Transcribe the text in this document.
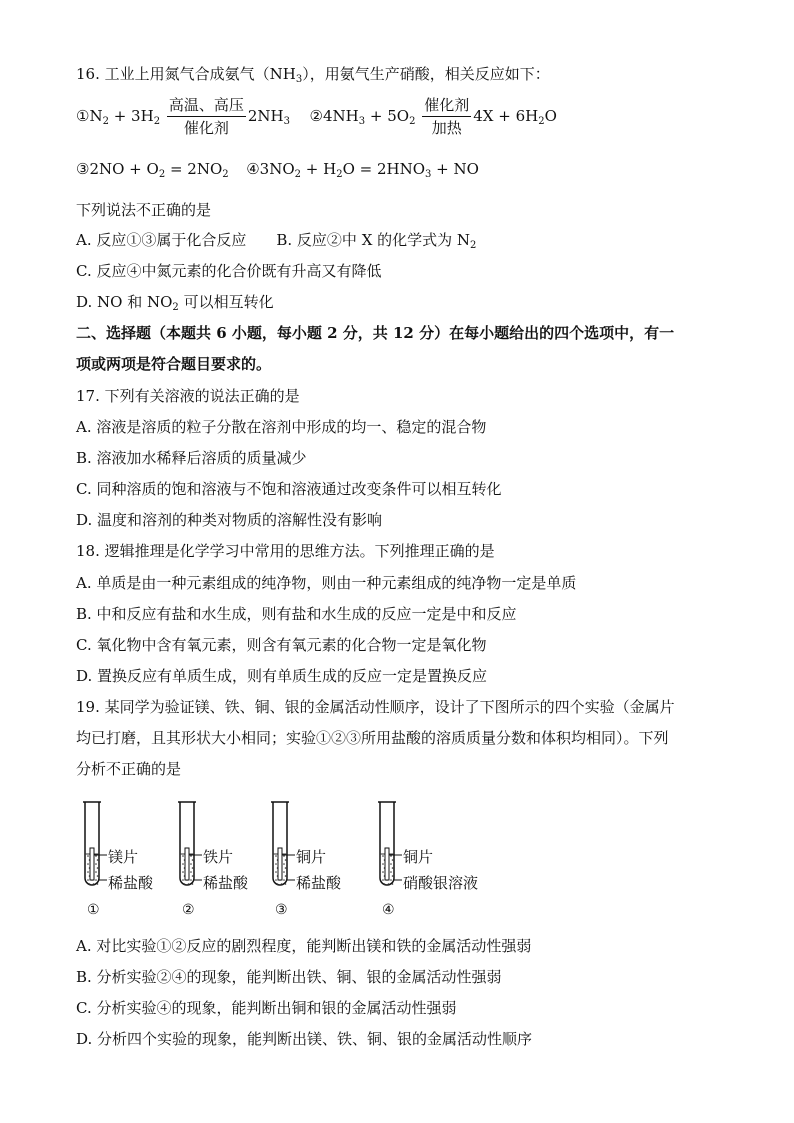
16. 工业上用氮气合成氨气$(NH_3)$，用氨气生产硝酸，相关反应如下：
$①N_2 + 3H_2 \frac{\text{高温、高压}}{\text{催化剂}} 2NH_3$ $②4NH_3 + 5O_2 \frac{\text{催化剂}}{\text{加热}} 4X + 6H_2O$
③2NO + $O_2 = 2NO_2$ $④3NO_2 + H_2O = 2HNO_3$ + NO
下列说法不正确的是
A. 反应①③属于化合反应 B. 反应②中 X 的化学式为 $N_2$
C. 反应④中氮元素的化合价既有升高又有降低
D. NO 和 $NO_2$ 可以相互转化
二、选择题（本题共 6 小题，每小题 2 分，共 12 分）在每小题给出的四个选项中，有一
项或两项是符合题目要求的。
17. 下列有关溶液的说法正确的是
A. 溶液是溶质的粒子分散在溶剂中形成的均一、稳定的混合物
B. 溶液加水稀释后溶质的质量减少
C. 同种溶质的饱和溶液与不饱和溶液通过改变条件可以相互转化
D. 温度和溶剂的种类对物质的溶解性没有影响
18. 逻辑推理是化学学习中常用的思维方法。下列推理正确的是
A. 单质是由一种元素组成的纯净物，则由一种元素组成的纯净物一定是单质
B. 中和反应有盐和水生成，则有盐和水生成的反应一定是中和反应
C. 氧化物中含有氧元素，则含有氧元素的化合物一定是氧化物
D. 置换反应有单质生成，则有单质生成的反应一定是置换反应
19. 某同学为验证镁、铁、铜、银的金属活动性顺序，设计了下图所示的四个实验（金属片
均已打磨，且其形状大小相同；实验①②③所用盐酸的溶质质量分数和体积均相同）。下列
分析不正确的是
镁片
稀盐酸
①
铁片
稀盐酸
②
铜片
稀盐酸
③
铜片
硝酸银溶液
④
A. 对比实验①②反应的剧烈程度，能判断出镁和铁的金属活动性强弱
B. 分析实验②④的现象，能判断出铁、铜、银的金属活动性强弱
C. 分析实验④的现象，能判断出铜和银的金属活动性强弱
D. 分析四个实验的现象，能判断出镁、铁、铜、银的金属活动性顺序
